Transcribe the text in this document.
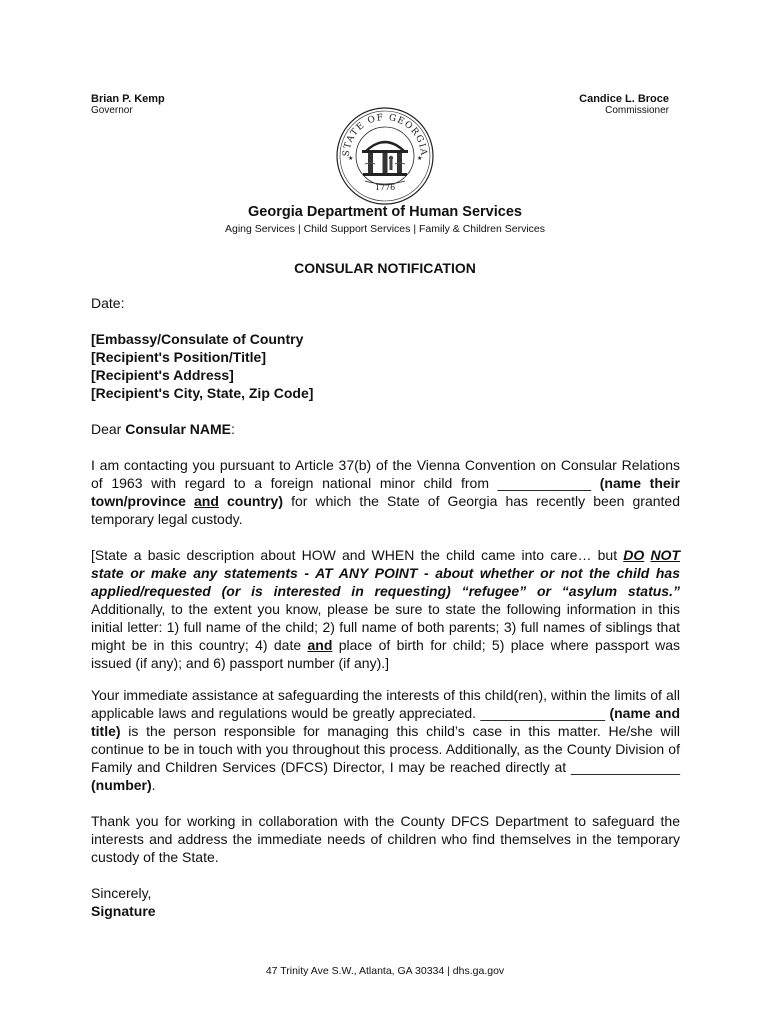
Brian P. Kemp
Governor
Candice L. Broce
Commissioner
STATE OF GEORGIA
1776
★	★
Georgia Department of Human Services
Aging Services | Child Support Services | Family & Children Services
CONSULAR NOTIFICATION
Date:
[Embassy/Consulate of Country
[Recipient's Position/Title]
[Recipient's Address]
[Recipient's City, State, Zip Code]
Dear Consular NAME:

I am contacting you pursuant to Article 37(b) of the Vienna Convention on Consular Relations of 1963 with regard to a foreign national minor child from ____________ (name their town/province and country) for which the State of Georgia has recently been granted temporary legal custody.

[State a basic description about HOW and WHEN the child came into care… but DO NOT state or make any statements - AT ANY POINT - about whether or not the child has applied/requested (or is interested in requesting) “refugee” or “asylum status.” Additionally, to the extent you know, please be sure to state the following information in this initial letter: 1) full name of the child; 2) full name of both parents; 3) full names of siblings that might be in this country; 4) date and place of birth for child; 5) place where passport was issued (if any); and 6) passport number (if any).]

Your immediate assistance at safeguarding the interests of this child(ren), within the limits of all applicable laws and regulations would be greatly appreciated. ________________ (name and title) is the person responsible for managing this child’s case in this matter. He/she will continue to be in touch with you throughout this process. Additionally, as the County Division of Family and Children Services (DFCS) Director, I may be reached directly at ______________ (number).

Thank you for working in collaboration with the County DFCS Department to safeguard the interests and address the immediate needs of children who find themselves in the temporary custody of the State.

Sincerely,
Signature
47 Trinity Ave S.W., Atlanta, GA 30334 | dhs.ga.gov
